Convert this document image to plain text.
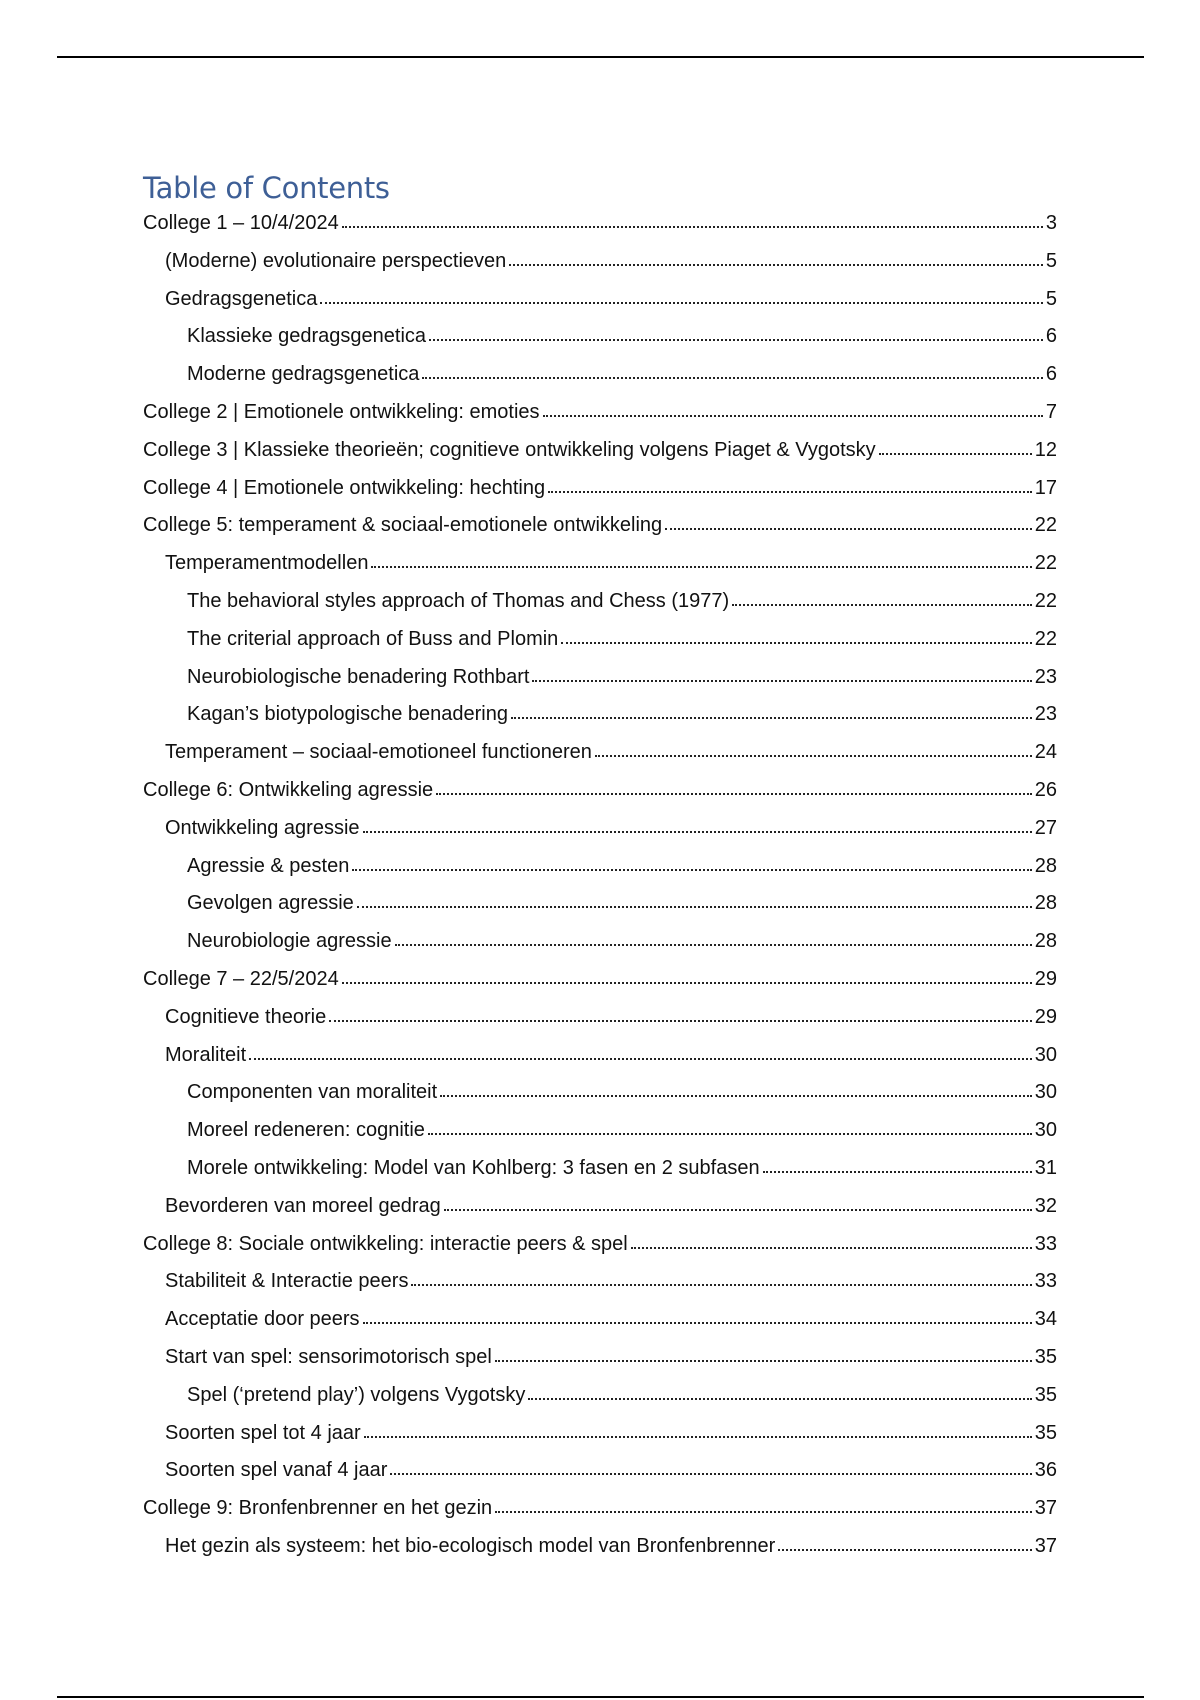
Table of Contents
College 1 – 10/4/2024	3
(Moderne) evolutionaire perspectieven	5
Gedragsgenetica	5
Klassieke gedragsgenetica	6
Moderne gedragsgenetica	6
College 2 | Emotionele ontwikkeling: emoties	7
College 3 | Klassieke theorieën; cognitieve ontwikkeling volgens Piaget & Vygotsky	12
College 4 | Emotionele ontwikkeling: hechting	17
College 5: temperament & sociaal-emotionele ontwikkeling	22
Temperamentmodellen	22
The behavioral styles approach of Thomas and Chess (1977)	22
The criterial approach of Buss and Plomin	22
Neurobiologische benadering Rothbart	23
Kagan’s biotypologische benadering	23
Temperament – sociaal-emotioneel functioneren	24
College 6: Ontwikkeling agressie	26
Ontwikkeling agressie	27
Agressie & pesten	28
Gevolgen agressie	28
Neurobiologie agressie	28
College 7 – 22/5/2024	29
Cognitieve theorie	29
Moraliteit	30
Componenten van moraliteit	30
Moreel redeneren: cognitie	30
Morele ontwikkeling: Model van Kohlberg: 3 fasen en 2 subfasen	31
Bevorderen van moreel gedrag	32
College 8: Sociale ontwikkeling: interactie peers & spel	33
Stabiliteit & Interactie peers	33
Acceptatie door peers	34
Start van spel: sensorimotorisch spel	35
Spel (‘pretend play’) volgens Vygotsky	35
Soorten spel tot 4 jaar	35
Soorten spel vanaf 4 jaar	36
College 9: Bronfenbrenner en het gezin	37
Het gezin als systeem: het bio-ecologisch model van Bronfenbrenner	37
